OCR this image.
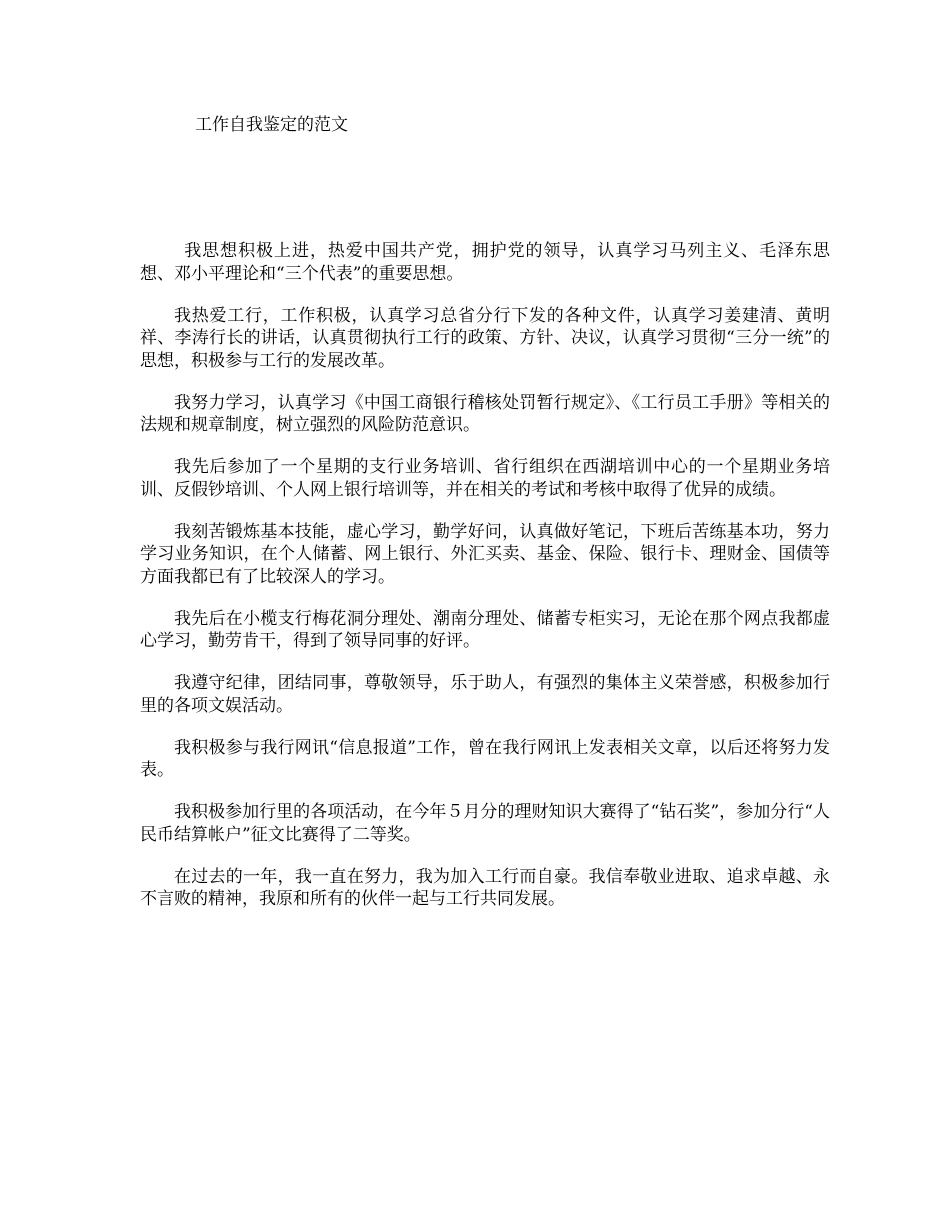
工作自我鉴定的范文

我思想积极上进，热爱中国共产党，拥护党的领导，认真学习马列主义、毛泽东思想、邓小平理论和“三个代表”的重要思想。

我热爱工行，工作积极，认真学习总省分行下发的各种文件，认真学习姜建清、黄明祥、李涛行长的讲话，认真贯彻执行工行的政策、方针、决议，认真学习贯彻“三分一统”的思想，积极参与工行的发展改革。

我努力学习，认真学习《中国工商银行稽核处罚暂行规定》、《工行员工手册》等相关的法规和规章制度，树立强烈的风险防范意识。

我先后参加了一个星期的支行业务培训、省行组织在西湖培训中心的一个星期业务培训、反假钞培训、个人网上银行培训等，并在相关的考试和考核中取得了优异的成绩。

我刻苦锻炼基本技能，虚心学习，勤学好问，认真做好笔记，下班后苦练基本功，努力学习业务知识，在个人储蓄、网上银行、外汇买卖、基金、保险、银行卡、理财金、国债等方面我都已有了比较深人的学习。

我先后在小榄支行梅花洞分理处、潮南分理处、储蓄专柜实习，无论在那个网点我都虚心学习，勤劳肯干，得到了领导同事的好评。

我遵守纪律，团结同事，尊敬领导，乐于助人，有强烈的集体主义荣誉感，积极参加行里的各项文娱活动。

我积极参与我行网讯“信息报道”工作，曾在我行网讯上发表相关文章，以后还将努力发表。

我积极参加行里的各项活动，在今年５月分的理财知识大赛得了“钻石奖”，参加分行“人民币结算帐户”征文比赛得了二等奖。

在过去的一年，我一直在努力，我为加入工行而自豪。我信奉敬业进取、追求卓越、永不言败的精神，我原和所有的伙伴一起与工行共同发展。
